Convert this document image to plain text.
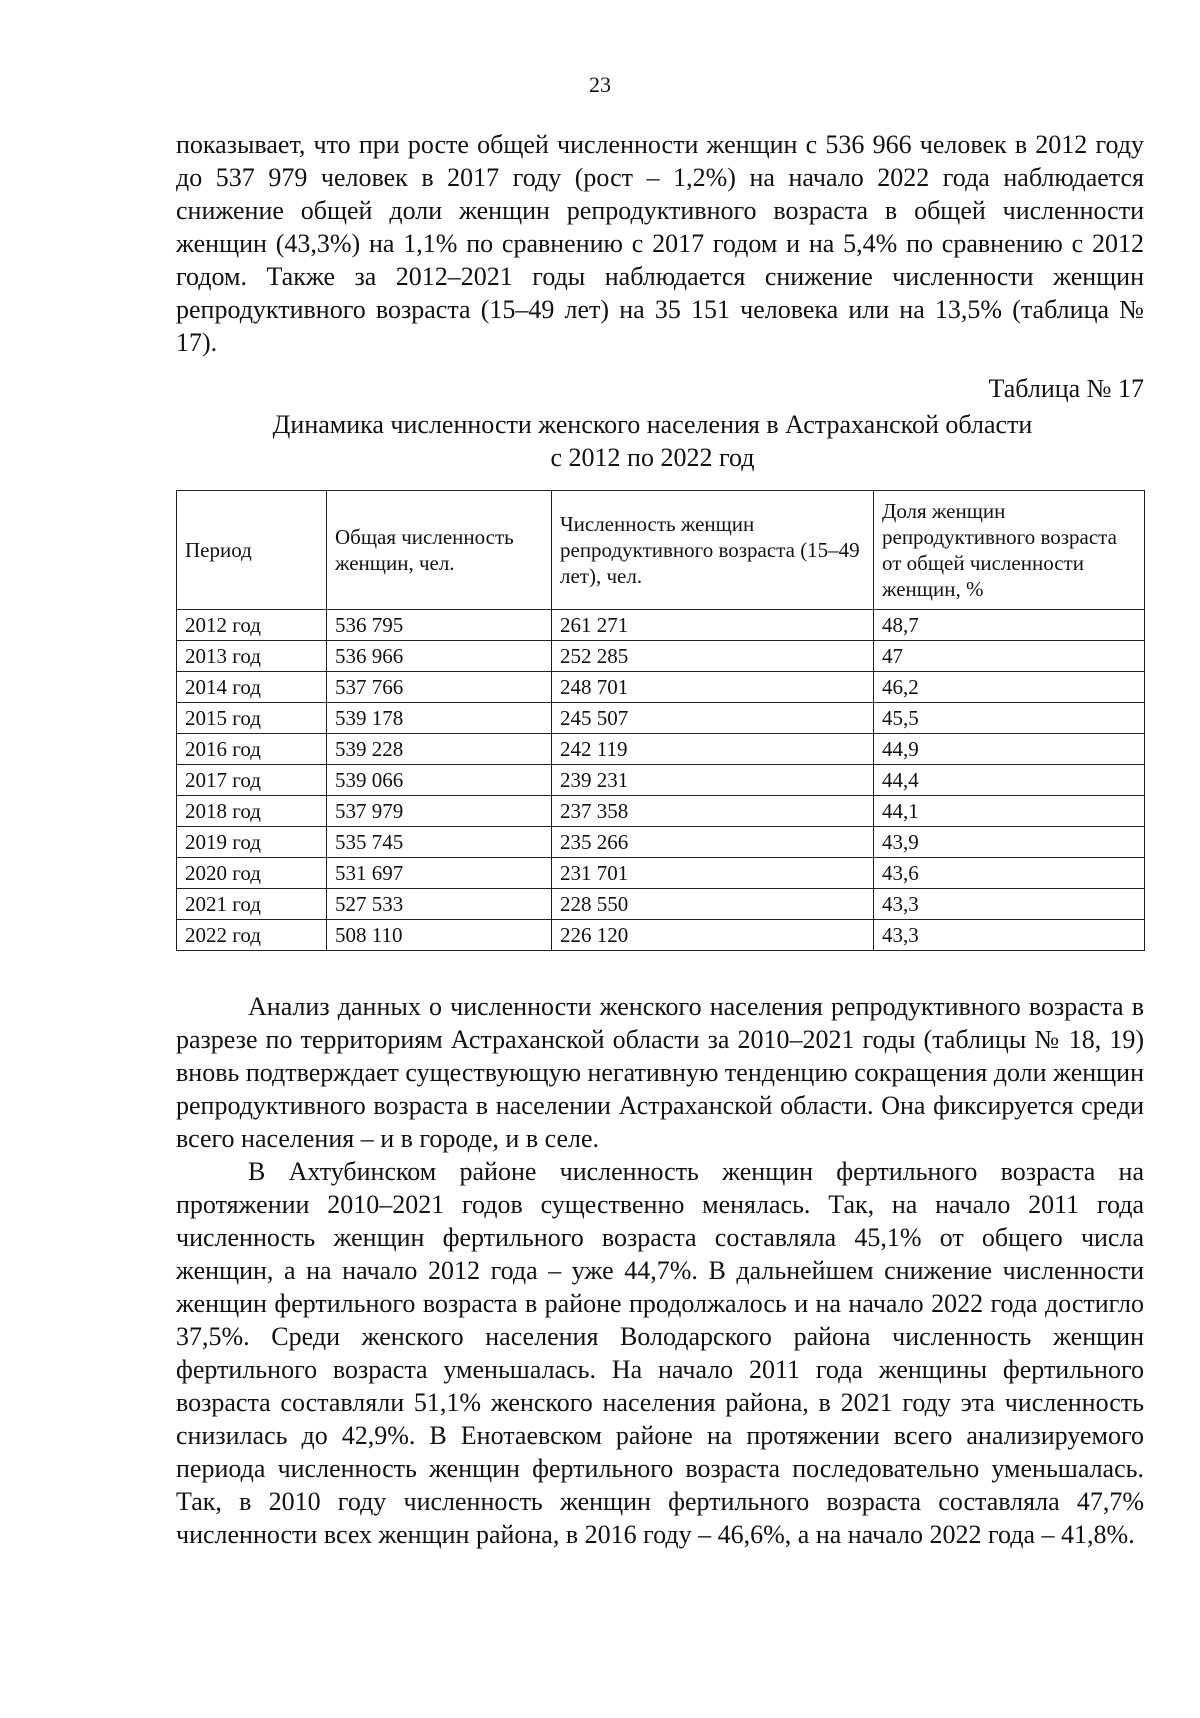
23

показывает, что при росте общей численности женщин с 536 966 человек в 2012 году до 537 979 человек в 2017 году (рост – 1,2%) на начало 2022 года наблюдается снижение общей доли женщин репродуктивного возраста в общей численности женщин (43,3%) на 1,1% по сравнению с 2017 годом и на 5,4% по сравнению с 2012 годом. Также за 2012–2021 годы наблюдается снижение численности женщин репродуктивного возраста (15–49 лет) на 35 151 человека или на 13,5% (таблица № 17).

Таблица № 17
Динамика численности женского населения в Астраханской области
с 2012 по 2022 год
Период	Общая численность женщин, чел.	Численность женщин репродуктивного возраста (15–49 лет), чел.	Доля женщин репродуктивного возраста от общей численности женщин, %
2012 год	536 795	261 271	48,7
2013 год	536 966	252 285	47
2014 год	537 766	248 701	46,2
2015 год	539 178	245 507	45,5
2016 год	539 228	242 119	44,9
2017 год	539 066	239 231	44,4
2018 год	537 979	237 358	44,1
2019 год	535 745	235 266	43,9
2020 год	531 697	231 701	43,6
2021 год	527 533	228 550	43,3
2022 год	508 110	226 120	43,3

Анализ данных о численности женского населения репродуктивного возраста в разрезе по территориям Астраханской области за 2010–2021 годы (таблицы № 18, 19) вновь подтверждает существующую негативную тенденцию сокращения доли женщин репродуктивного возраста в населении Астраханской области. Она фиксируется среди всего населения – и в городе, и в селе.

В Ахтубинском районе численность женщин фертильного возраста на протяжении 2010–2021 годов существенно менялась. Так, на начало 2011 года численность женщин фертильного возраста составляла 45,1% от общего числа женщин, а на начало 2012 года – уже 44,7%. В дальнейшем снижение численности женщин фертильного возраста в районе продолжалось и на начало 2022 года достигло 37,5%. Среди женского населения Володарского района численность женщин фертильного возраста уменьшалась. На начало 2011 года женщины фертильного возраста составляли 51,1% женского населения района, в 2021 году эта численность снизилась до 42,9%. В Енотаевском районе на протяжении всего анализируемого периода численность женщин фертильного возраста последовательно уменьшалась. Так, в 2010 году численность женщин фертильного возраста составляла 47,7% численности всех женщин района, в 2016 году – 46,6%, а на начало 2022 года – 41,8%.
